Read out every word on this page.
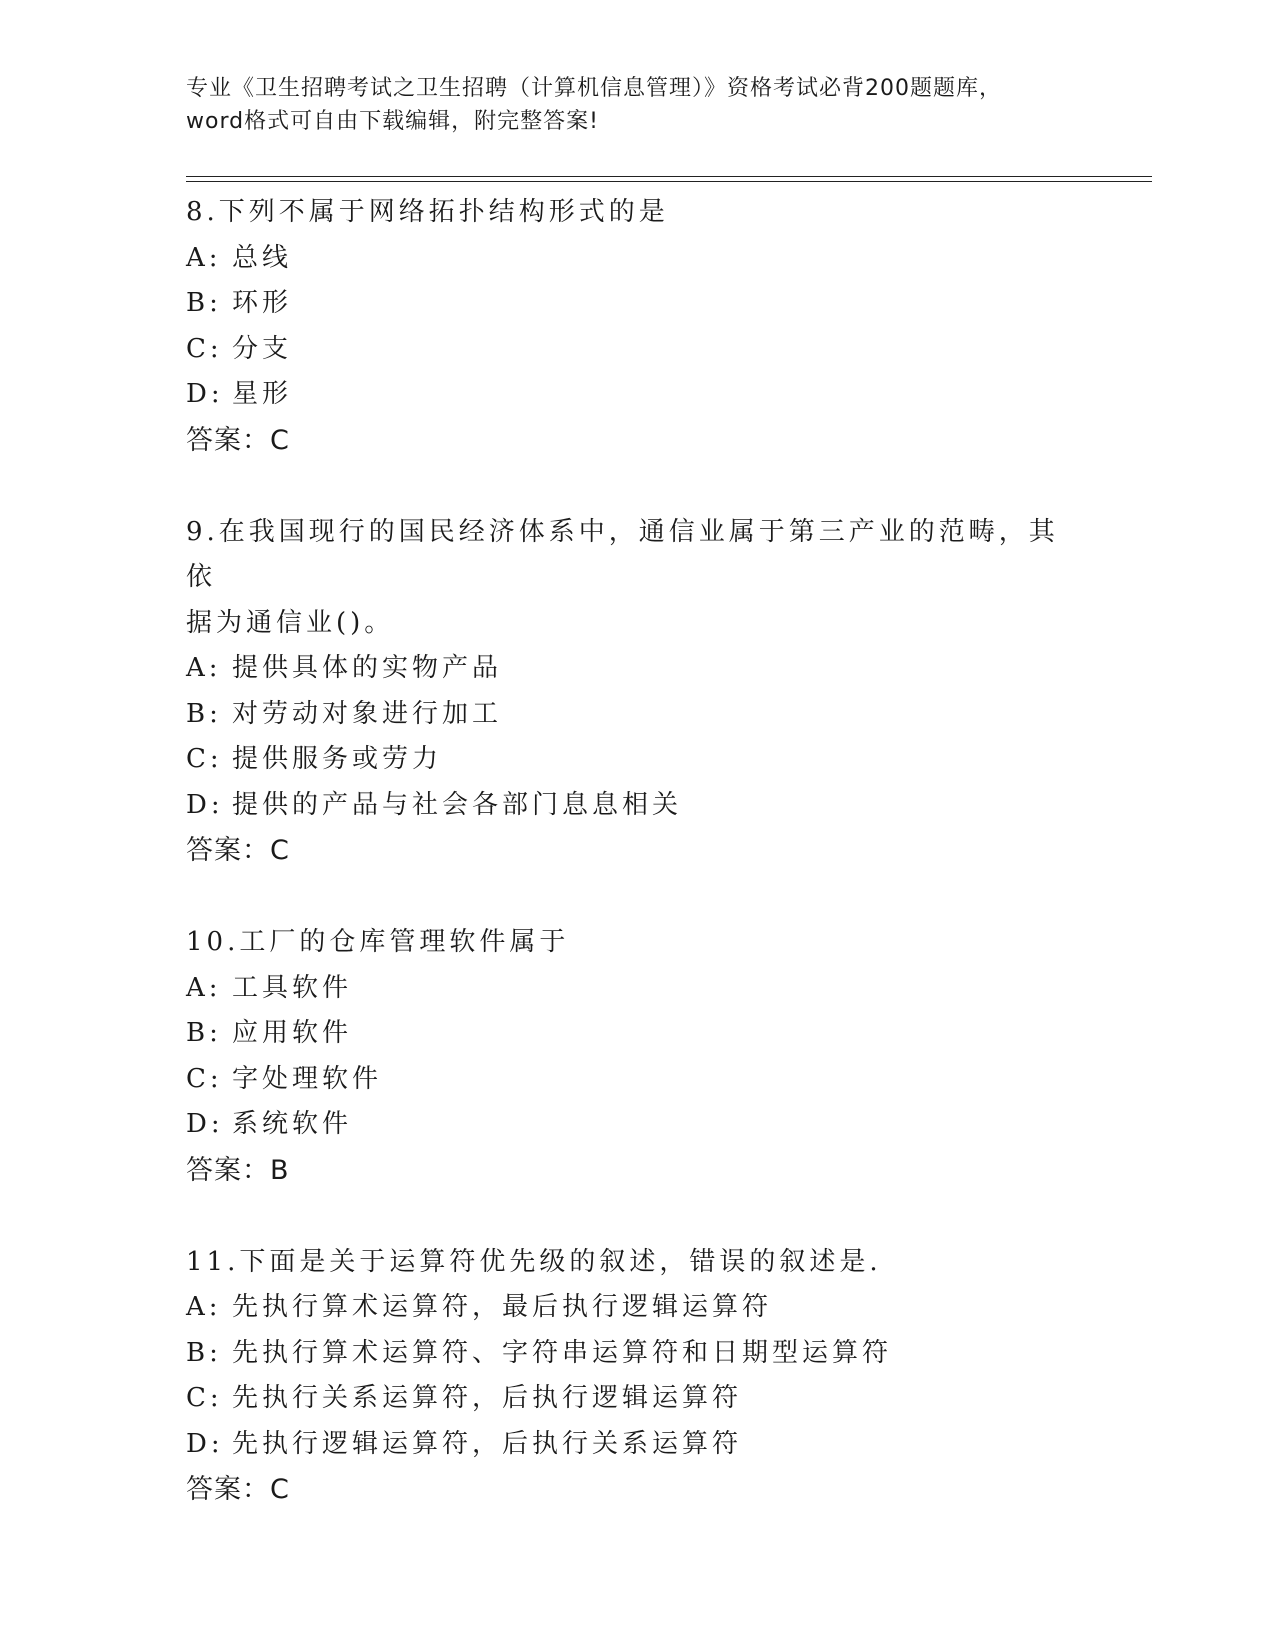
专业《卫生招聘考试之卫生招聘（计算机信息管理）》资格考试必背200题题库，
word格式可自由下载编辑，附完整答案!
8.下列不属于网络拓扑结构形式的是
A: 总线
B: 环形
C: 分支
D: 星形
答案：C
9.在我国现行的国民经济体系中，通信业属于第三产业的范畴，其依
据为通信业()。
A: 提供具体的实物产品
B: 对劳动对象进行加工
C: 提供服务或劳力
D: 提供的产品与社会各部门息息相关
答案：C
10.工厂的仓库管理软件属于
A: 工具软件
B: 应用软件
C: 字处理软件
D: 系统软件
答案：B
11.下面是关于运算符优先级的叙述，错误的叙述是.
A: 先执行算术运算符，最后执行逻辑运算符
B: 先执行算术运算符、字符串运算符和日期型运算符
C: 先执行关系运算符，后执行逻辑运算符
D: 先执行逻辑运算符，后执行关系运算符
答案：C
